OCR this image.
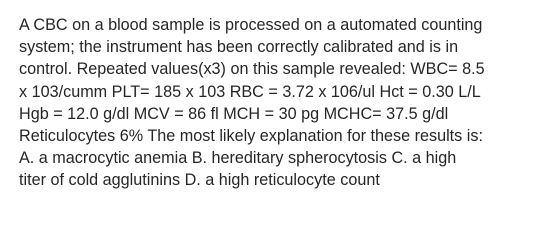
A CBC on a blood sample is processed on a automated counting
system; the instrument has been correctly calibrated and is in
control. Repeated values(x3) on this sample revealed: WBC= 8.5
x 103/cumm PLT= 185 x 103 RBC = 3.72 x 106/ul Hct = 0.30 L/L
Hgb = 12.0 g/dl MCV = 86 fl MCH = 30 pg MCHC= 37.5 g/dl
Reticulocytes 6% The most likely explanation for these results is:
A. a macrocytic anemia B. hereditary spherocytosis C. a high
titer of cold agglutinins D. a high reticulocyte count
